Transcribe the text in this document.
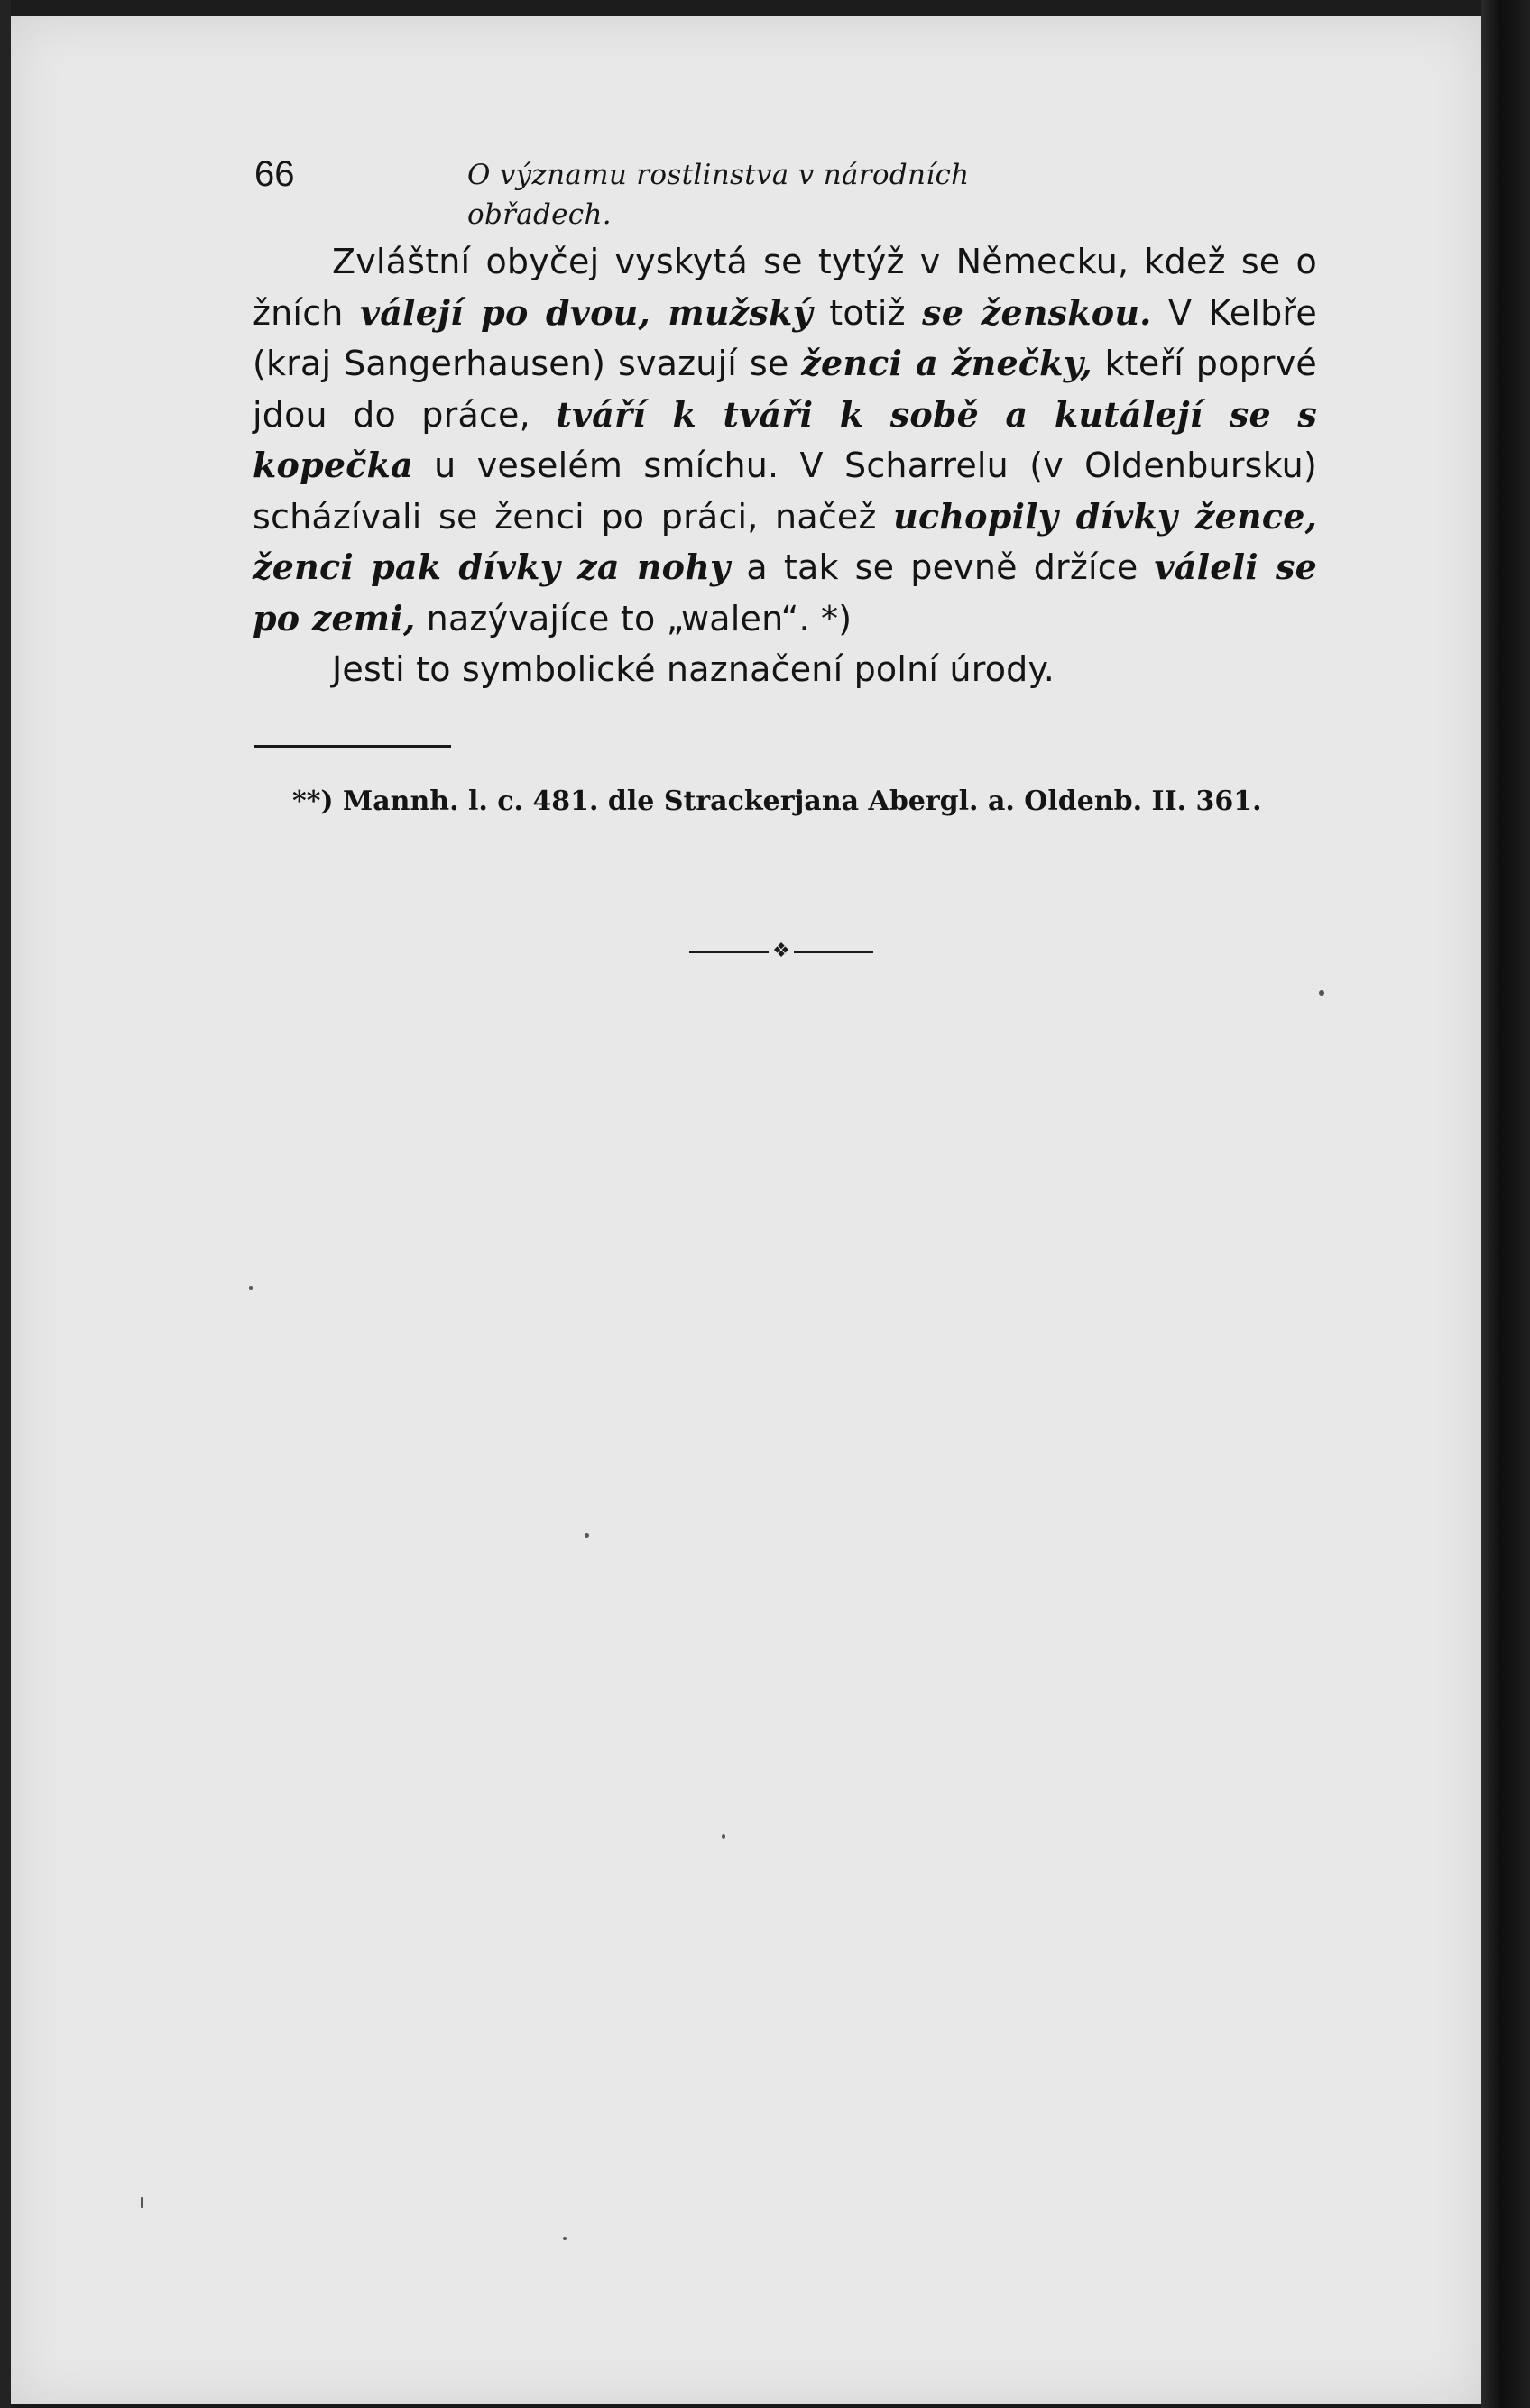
66	O významu rostlinstva v národních obřadech.

Zvláštní obyčej vyskytá se tytýž v Německu, kdež se o žních válejí po dvou, mužský totiž se ženskou. V Kelbře (kraj Sangerhausen) svazují se ženci a žnečky, kteří poprvé jdou do práce, tváří k tváři k sobě a kutálejí se s kopečka u veselém smíchu. V Scharrelu (v Oldenbursku) scházívali se ženci po práci, načež uchopily dívky žence, ženci pak dívky za nohy a tak se pevně držíce váleli se po zemi, nazývajíce to „walen“. *)

Jesti to symbolické naznačení polní úrody.

**) Mannh. l. c. 481. dle Strackerjana Abergl. a. Oldenb. II. 361.
❖
